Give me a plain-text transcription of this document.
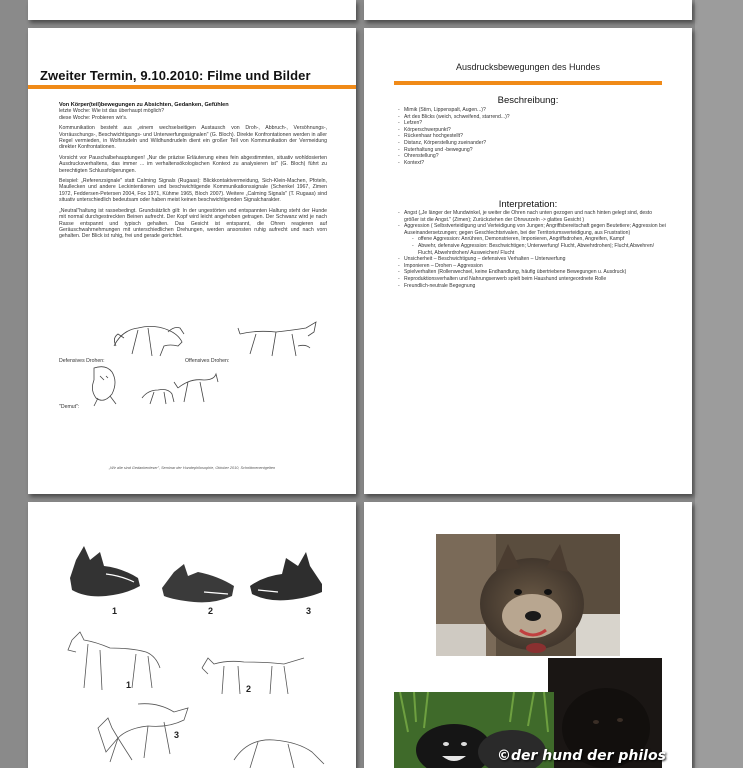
Zweiter Termin, 9.10.2010: Filme und Bilder

Von Körper(teil)bewegungen zu Absichten, Gedanken, Gefühlen

letzte Woche: Wie ist das überhaupt möglich?

diese Woche: Probieren wir's.

Kommunikation besteht aus „einem wechselseitigen Austausch von Droh-, Abbruch-, Versöhnungs-, Vorräuschungs-, Beschwichtigungs- und Unterwerfungssignalen" (G. Bloch). Direkte Konfrontationen werden in aller Regel vermieden, in Wolfsrudeln und Wildhundrudeln dient ein großer Teil von Kommunikation der Vermeidung direkter Konfrontationen.

Vorsicht vor Pauschalbehauptungen! „Nur die präzise Erläuterung eines fein abgestimmten, situativ wohldosierten Ausdrucksverhaltens, das immer ... im verhaltensökologischen Kontext zu analysieren ist" (G. Bloch) führt zu berechtigten Schlussfolgerungen.

Beispiel: „Referenzsignale" statt Calming Signals (Rugaas): Blickkontaktvermeidung, Sich-Klein-Machen, Pfoteln, Maullecken und andere Leckintentionen und beschwichtigende Kommunikationssignale (Schenkel 1967, Zimen 1972, Feddersen-Petersen 2004, Fox 1971, Kühme 1965, Bloch 2007). Weitere „Calming Signals" (T. Rugaas) sind situativ unterschiedlich bedeutsam oder haben meist keinen beschwichtigenden Signalcharakter.

„Neutral"haltung ist rassebedingt. Grundsätzlich gilt: In der ungestörten und entspannten Haltung steht der Hunde mit normal durchgestreckten Beinen aufrecht. Der Kopf wird leicht angehoben getragen. Der Schwanz wird je nach Rasse entspannt und typisch gehalten. Das Gesicht ist entspannt, die Ohren reagieren auf Geräuschwahrnehmungen mit unterschiedlichen Drehungen, werden ansonsten ruhig aufrecht und nach vorn gehalten. Der Blick ist ruhig, frei und gerade gerichtet.

Defensives Drohen:	Offensives Drohen:
"Demut":
„Wir alle sind Gedankenleser", Seminar der Hundephilosophie, Oktober 2010, Schnittmenentgelten
Ausdrucksbewegungen des Hundes
Beschreibung:
- Mimik (Stirn, Lippenspalt, Augen...)?
- Art des Blicks (weich, schweifend, starrend...)?
- Lefzen?
- Körperschwerpunkt?
- Rückenhaar hochgestellt?
- Distanz, Körperstellung zueinander?
- Ruterhaltung und -bewegung?
- Ohrenstellung?
- Kontext?
Interpretation:
- Angst („Je länger der Mundwinkel, je weiter die Ohren nach unten gezogen und nach hinten gelegt sind, desto größer ist die Angst." (Zimen); Zurückziehen der Ohrwurzeln -> glattes Gesicht )
- Aggression ( Selbstverteidigung und Verteidigung von Jungen; Angriffsbereitschaft gegen Beutetiere; Aggression bei Auseinandersetzungen; gegen Geschlechtsrivalen, bei der Territoriumsverteidigung, aus Frustration)
- offene Aggression: Anrühren, Demonstrieren, Imponieren, Angriffsdrohen, Angreifen, Kampf
- Abwehr, defensive Aggression: Beschwichtigen; Unterwerfung! Flucht, Abwehrdrohen|; Flucht,Abwehren/ Flucht, Abwehrdrohen/ Ausweichen/ Flucht
- Unsicherheit – Beschwichtigung – defensives Verhalten – Unterwerfung
- Imponieren – Drohen – Aggression
- Spielverhalten (Rollenwechsel, keine Endhandlung, häufig übertriebene Bewegungen u. Ausdruck)
- Reproduktionsverhalten und Nahrungserwerb spielt beim Haushund untergeordnete Rolle
- Freundlich-neutrale Begegnung
1	2	3
1	2
3
©der hund der philos
